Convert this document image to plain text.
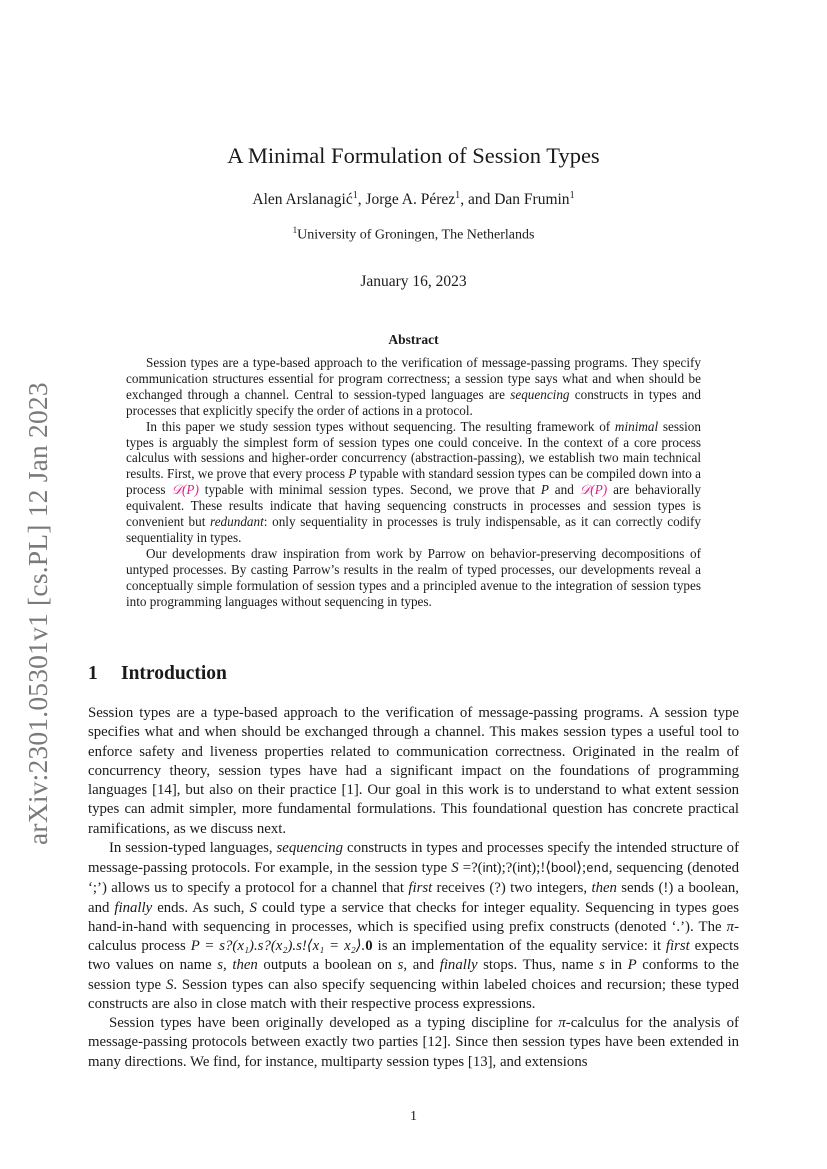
arXiv:2301.05301v1 [cs.PL] 12 Jan 2023
A Minimal Formulation of Session Types
Alen Arslanagić$^1$, Jorge A. Pérez$^1$, and Dan Frumin$^1$
$^1$University of Groningen, The Netherlands
January 16, 2023
Abstract

Session types are a type-based approach to the verification of message-passing programs. They specify communication structures essential for program correctness; a session type says what and when should be exchanged through a channel. Central to session-typed languages are sequencing constructs in types and processes that explicitly specify the order of actions in a protocol.

In this paper we study session types without sequencing. The resulting framework of minimal session types is arguably the simplest form of session types one could conceive. In the context of a core process calculus with sessions and higher-order concurrency (abstraction-passing), we establish two main technical results. First, we prove that every process P typable with standard session types can be compiled down into a process 𝒟(P) typable with minimal session types. Second, we prove that P and 𝒟(P) are behaviorally equivalent. These results indicate that having sequencing constructs in processes and session types is convenient but redundant: only sequentiality in processes is truly indispensable, as it can correctly codify sequentiality in types.

Our developments draw inspiration from work by Parrow on behavior-preserving decompositions of untyped processes. By casting Parrow’s results in the realm of typed processes, our developments reveal a conceptually simple formulation of session types and a principled avenue to the integration of session types into programming languages without sequencing in types.

1 Introduction

Session types are a type-based approach to the verification of message-passing programs. A session type specifies what and when should be exchanged through a channel. This makes session types a useful tool to enforce safety and liveness properties related to communication correctness. Originated in the realm of concurrency theory, session types have had a significant impact on the foundations of programming languages [14], but also on their practice [1]. Our goal in this work is to understand to what extent session types can admit simpler, more fundamental formulations. This foundational question has concrete practical ramifications, as we discuss next.

In session-typed languages, sequencing constructs in types and processes specify the intended structure of message-passing protocols. For example, in the session type S =?(int);?(int);!⟨bool⟩;end, sequencing (denoted ‘;’) allows us to specify a protocol for a channel that first receives (?) two integers, then sends (!) a boolean, and finally ends. As such, S could type a service that checks for integer equality. Sequencing in types goes hand-in-hand with sequencing in processes, which is specified using prefix constructs (denoted ‘.’). The π-calculus process P = s?(x₁).s?(x₂).s!⟨x₁ = x₂⟩.0 is an implementation of the equality service: it first expects two values on name s, then outputs a boolean on s, and finally stops. Thus, name s in P conforms to the session type S. Session types can also specify sequencing within labeled choices and recursion; these typed constructs are also in close match with their respective process expressions.

Session types have been originally developed as a typing discipline for π-calculus for the analysis of message-passing protocols between exactly two parties [12]. Since then session types have been extended in many directions. We find, for instance, multiparty session types [13], and extensions

1
